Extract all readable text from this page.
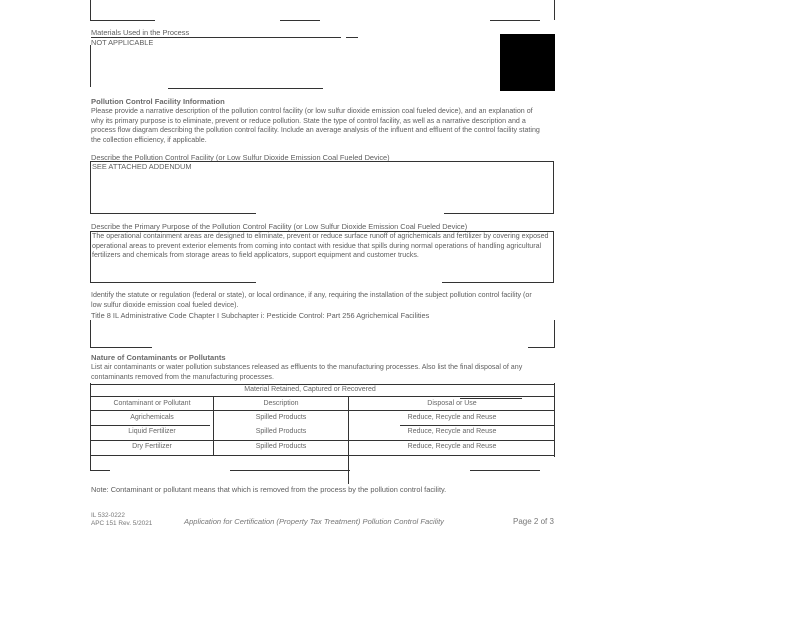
Materials Used in the Process
NOT APPLICABLE
Pollution Control Facility Information
Please provide a narrative description of the pollution control facility (or low sulfur dioxide emission coal fueled device), and an explanation of why its primary purpose is to eliminate, prevent or reduce pollution. State the type of control facility, as well as a narrative description and a process flow diagram describing the pollution control facility. Include an average analysis of the influent and effluent of the control facility stating the collection efficiency, if applicable.
Describe the Pollution Control Facility (or Low Sulfur Dioxide Emission Coal Fueled Device)
SEE ATTACHED ADDENDUM
Describe the Primary Purpose of the Pollution Control Facility (or Low Sulfur Dioxide Emission Coal Fueled Device)
The operational containment areas are designed to eliminate, prevent or reduce surface runoff of agrichemicals and fertilizer by covering exposed operational areas to prevent exterior elements from coming into contact with residue that spills during normal operations of handling agricultural fertilizers and chemicals from storage areas to field applicators, support equipment and customer trucks.
Identify the statute or regulation (federal or state), or local ordinance, if any, requiring the installation of the subject pollution control facility (or low sulfur dioxide emission coal fueled device).
Title 8 IL Administrative Code Chapter I Subchapter i: Pesticide Control: Part 256 Agrichemical Facilities
Nature of Contaminants or Pollutants
List air contaminants or water pollution substances released as effluents to the manufacturing processes. Also list the final disposal of any contaminants removed from the manufacturing processes.
Material Retained, Captured or Recovered
Contaminant or Pollutant	Description	Disposal or Use
Agrichemicals	Spilled Products	Reduce, Recycle and Reuse
Liquid Fertilizer	Spilled Products	Reduce, Recycle and Reuse
Dry Fertilizer	Spilled Products	Reduce, Recycle and Reuse
Note: Contaminant or pollutant means that which is removed from the process by the pollution control facility.
IL 532-0222
APC 151 Rev. 5/2021	Application for Certification (Property Tax Treatment) Pollution Control Facility	Page 2 of 3
